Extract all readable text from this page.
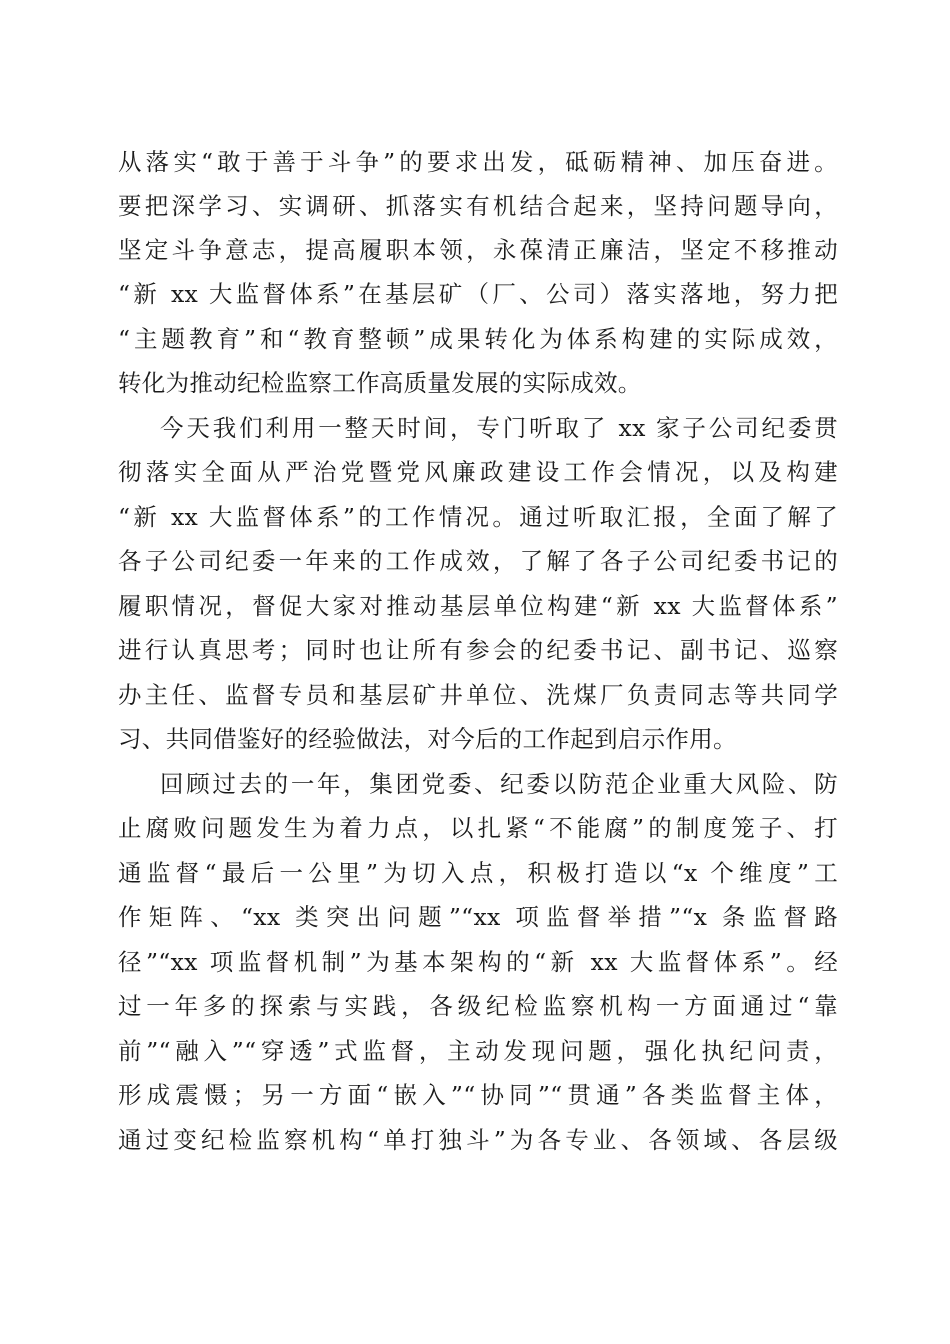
从落实“敢于善于斗争”的要求出发，砥砺精神、加压奋进。
要把深学习、实调研、抓落实有机结合起来，坚持问题导向，
坚定斗争意志，提高履职本领，永葆清正廉洁，坚定不移推动
“新 xx 大监督体系”在基层矿（厂、公司）落实落地，努力把
“主题教育”和“教育整顿”成果转化为体系构建的实际成效，
转化为推动纪检监察工作高质量发展的实际成效。
今天我们利用一整天时间，专门听取了 xx 家子公司纪委贯
彻落实全面从严治党暨党风廉政建设工作会情况，以及构建
“新 xx 大监督体系”的工作情况。通过听取汇报，全面了解了
各子公司纪委一年来的工作成效，了解了各子公司纪委书记的
履职情况，督促大家对推动基层单位构建“新 xx 大监督体系”
进行认真思考；同时也让所有参会的纪委书记、副书记、巡察
办主任、监督专员和基层矿井单位、洗煤厂负责同志等共同学
习、共同借鉴好的经验做法，对今后的工作起到启示作用。
回顾过去的一年，集团党委、纪委以防范企业重大风险、防
止腐败问题发生为着力点，以扎紧“不能腐”的制度笼子、打
通监督“最后一公里”为切入点，积极打造以“x 个维度”工
作矩阵、“xx 类突出问题”“xx 项监督举措”“x 条监督路
径”“xx 项监督机制”为基本架构的“新 xx 大监督体系”。经
过一年多的探索与实践，各级纪检监察机构一方面通过“靠
前”“融入”“穿透”式监督，主动发现问题，强化执纪问责，
形成震慑；另一方面“嵌入”“协同”“贯通”各类监督主体，
通过变纪检监察机构“单打独斗”为各专业、各领域、各层级
